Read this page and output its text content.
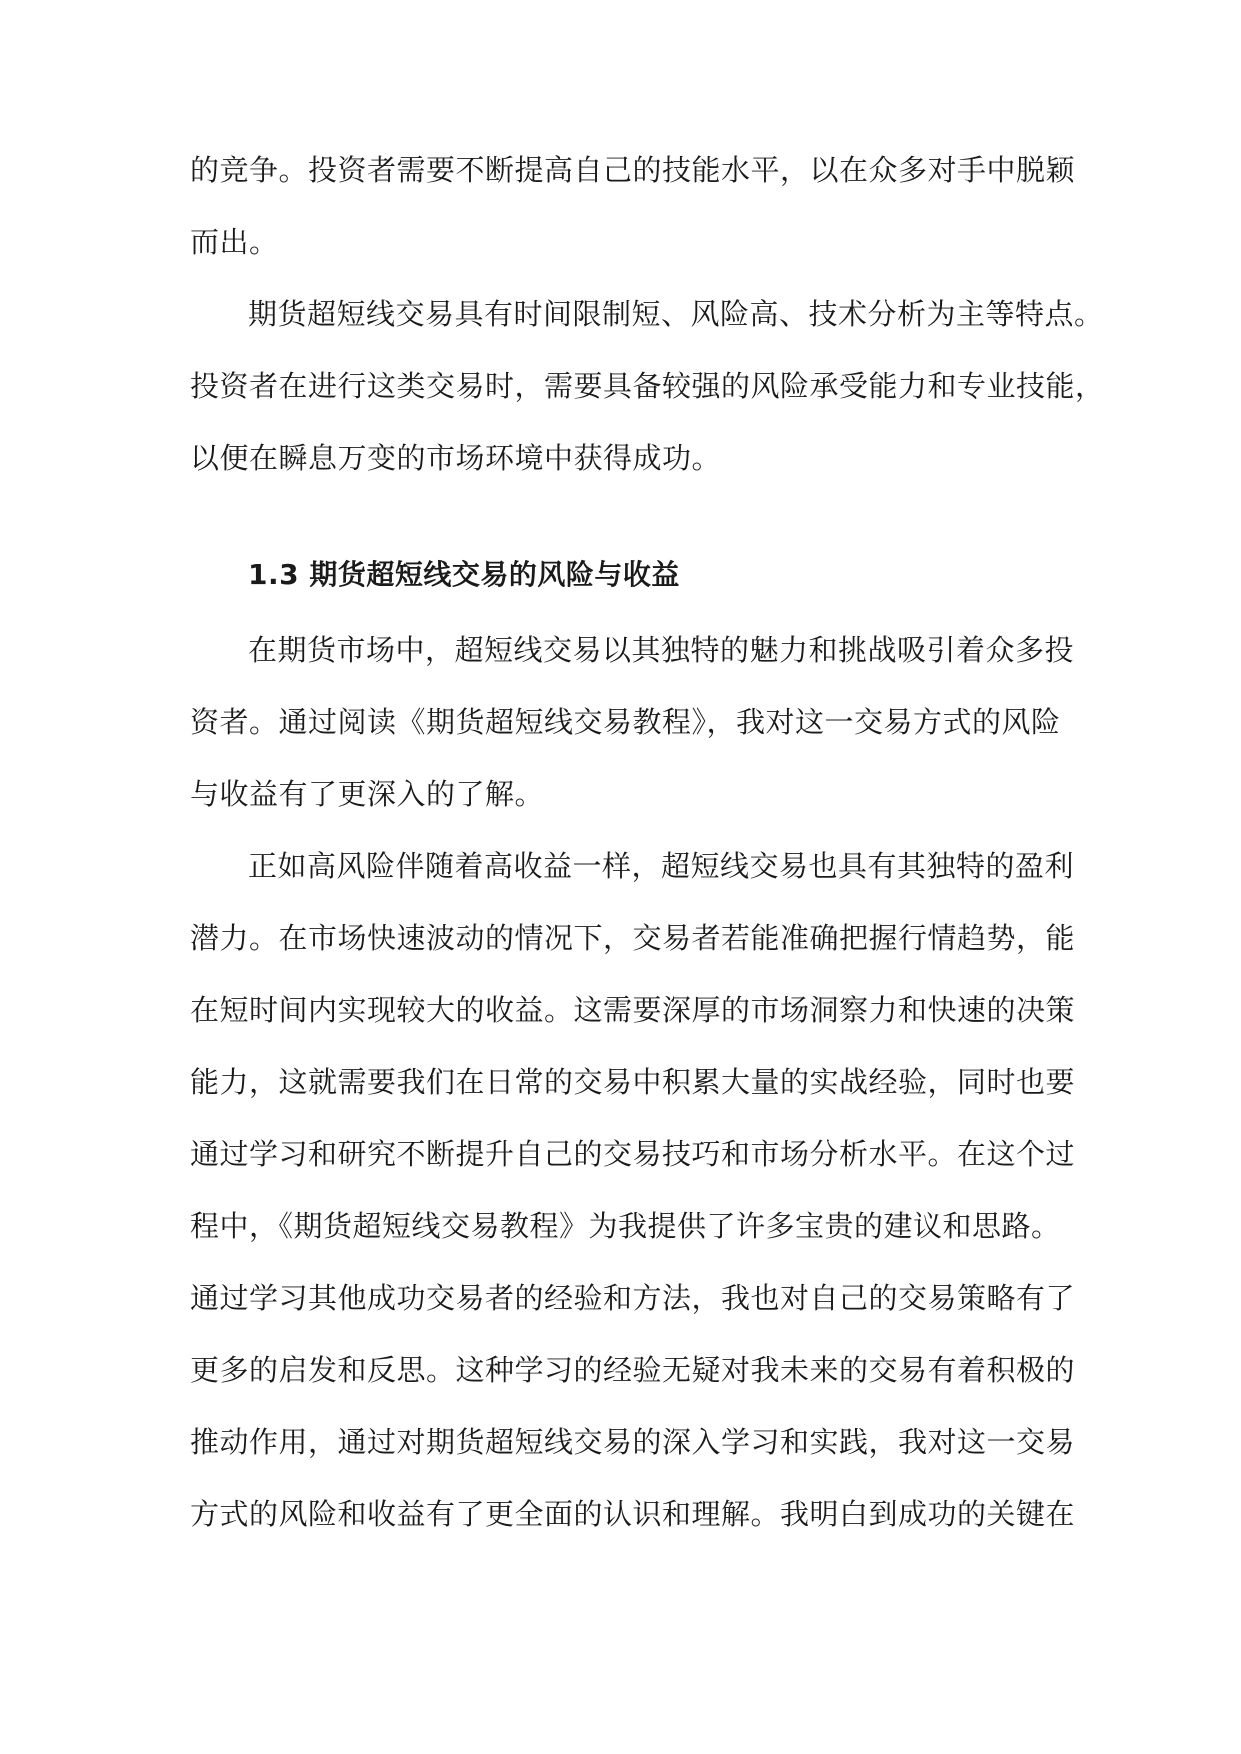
的竞争。投资者需要不断提高自己的技能水平，以在众多对手中脱颖
而出。
期货超短线交易具有时间限制短、风险高、技术分析为主等特点。
投资者在进行这类交易时，需要具备较强的风险承受能力和专业技能，
以便在瞬息万变的市场环境中获得成功。
1.3 期货超短线交易的风险与收益
在期货市场中，超短线交易以其独特的魅力和挑战吸引着众多投
资者。通过阅读《期货超短线交易教程》，我对这一交易方式的风险
与收益有了更深入的了解。
正如高风险伴随着高收益一样，超短线交易也具有其独特的盈利
潜力。在市场快速波动的情况下，交易者若能准确把握行情趋势，能
在短时间内实现较大的收益。这需要深厚的市场洞察力和快速的决策
能力，这就需要我们在日常的交易中积累大量的实战经验，同时也要
通过学习和研究不断提升自己的交易技巧和市场分析水平。在这个过
程中，《期货超短线交易教程》为我提供了许多宝贵的建议和思路。
通过学习其他成功交易者的经验和方法，我也对自己的交易策略有了
更多的启发和反思。这种学习的经验无疑对我未来的交易有着积极的
推动作用，通过对期货超短线交易的深入学习和实践，我对这一交易
方式的风险和收益有了更全面的认识和理解。我明白到成功的关键在
